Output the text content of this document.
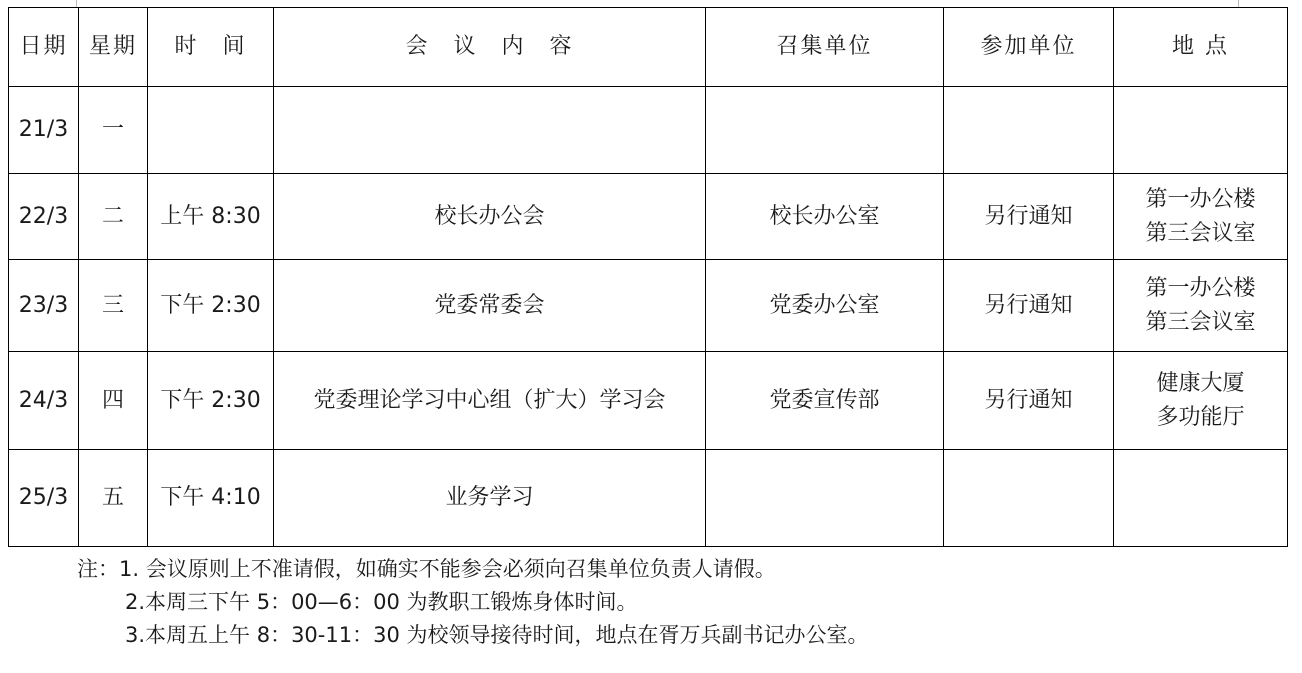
日期	星期	时　间	会　议　内　容	召集单位	参加单位	地 点
21/3	一					

22/3	二	上午 8:30	校长办公会	校长办公室	另行通知	第一办公楼
第三会议室

23/3	三	下午 2:30	党委常委会	党委办公室	另行通知	第一办公楼
第三会议室

24/3	四	下午 2:30	党委理论学习中心组（扩大）学习会	党委宣传部	另行通知	健康大厦
多功能厅

25/3	五	下午 4:10	业务学习			
注：1. 会议原则上不准请假，如确实不能参会必须向召集单位负责人请假。
2.本周三下午 5：00—6：00 为教职工锻炼身体时间。
3.本周五上午 8：30-11：30 为校领导接待时间，地点在胥万兵副书记办公室。
